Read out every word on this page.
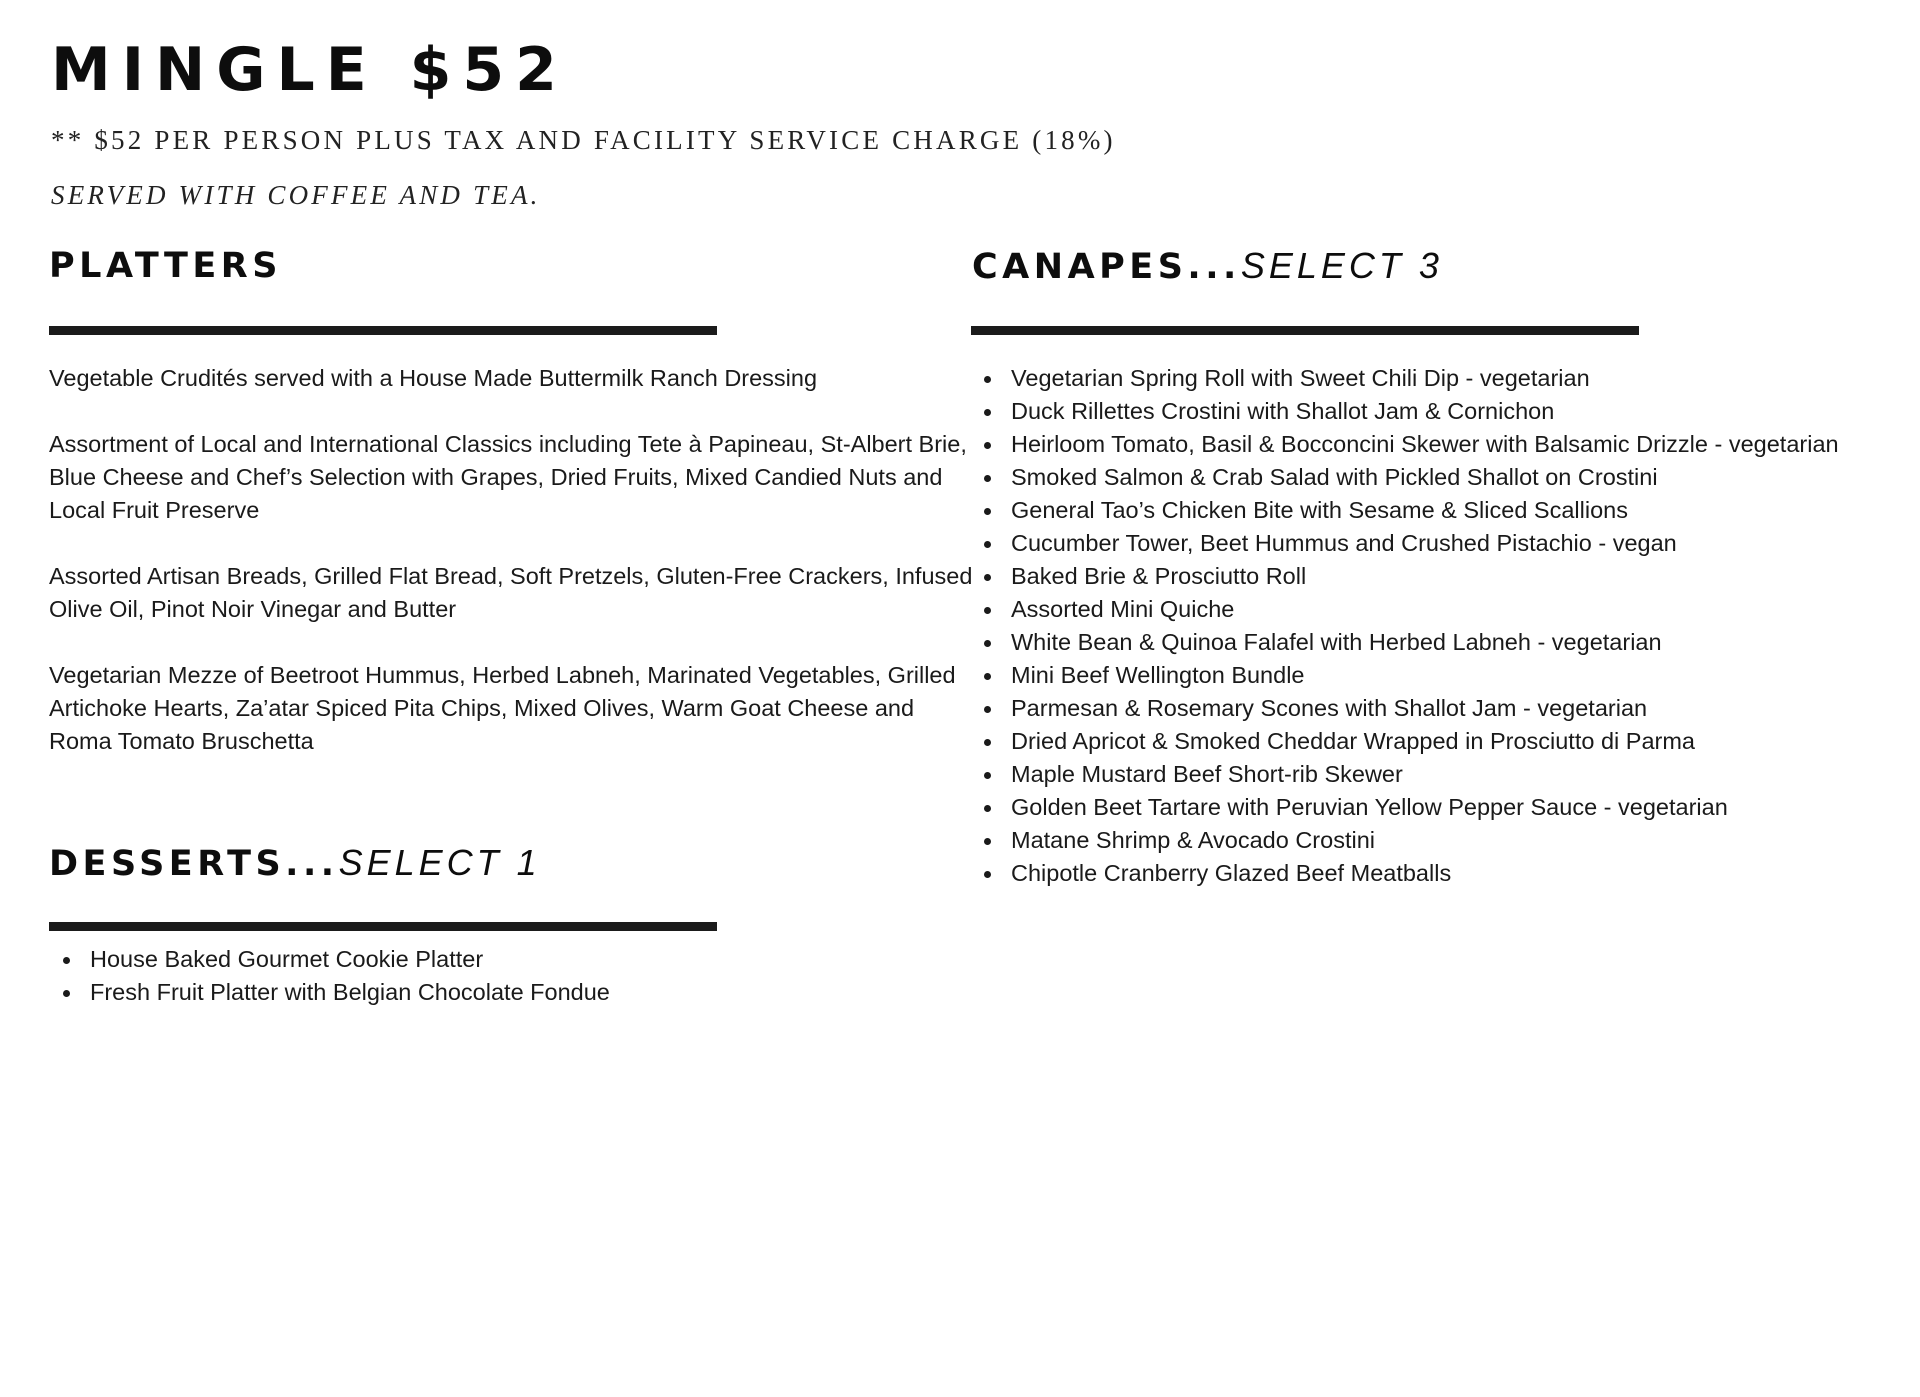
MINGLE $52

** $52 PER PERSON PLUS TAX AND FACILITY SERVICE CHARGE (18%)

SERVED WITH COFFEE AND TEA.

PLATTERS

Vegetable Crudités served with a House Made Buttermilk Ranch Dressing

Assortment of Local and International Classics including Tete à Papineau, St-Albert Brie, Blue Cheese and Chef’s Selection with Grapes, Dried Fruits, Mixed Candied Nuts and Local Fruit Preserve

Assorted Artisan Breads, Grilled Flat Bread, Soft Pretzels, Gluten-Free Crackers, Infused Olive Oil, Pinot Noir Vinegar and Butter

Vegetarian Mezze of Beetroot Hummus, Herbed Labneh, Marinated Vegetables, Grilled Artichoke Hearts, Za’atar Spiced Pita Chips, Mixed Olives, Warm Goat Cheese and Roma Tomato Bruschetta

CANAPES...SELECT 3
Vegetarian Spring Roll with Sweet Chili Dip - vegetarian
Duck Rillettes Crostini with Shallot Jam & Cornichon
Heirloom Tomato, Basil & Bocconcini Skewer with Balsamic Drizzle - vegetarian
Smoked Salmon & Crab Salad with Pickled Shallot on Crostini
General Tao’s Chicken Bite with Sesame & Sliced Scallions
Cucumber Tower, Beet Hummus and Crushed Pistachio - vegan
Baked Brie & Prosciutto Roll
Assorted Mini Quiche
White Bean & Quinoa Falafel with Herbed Labneh - vegetarian
Mini Beef Wellington Bundle
Parmesan & Rosemary Scones with Shallot Jam - vegetarian
Dried Apricot & Smoked Cheddar Wrapped in Prosciutto di Parma
Maple Mustard Beef Short-rib Skewer
Golden Beet Tartare with Peruvian Yellow Pepper Sauce - vegetarian
Matane Shrimp & Avocado Crostini
Chipotle Cranberry Glazed Beef Meatballs
DESSERTS...SELECT 1
House Baked Gourmet Cookie Platter
Fresh Fruit Platter with Belgian Chocolate Fondue
